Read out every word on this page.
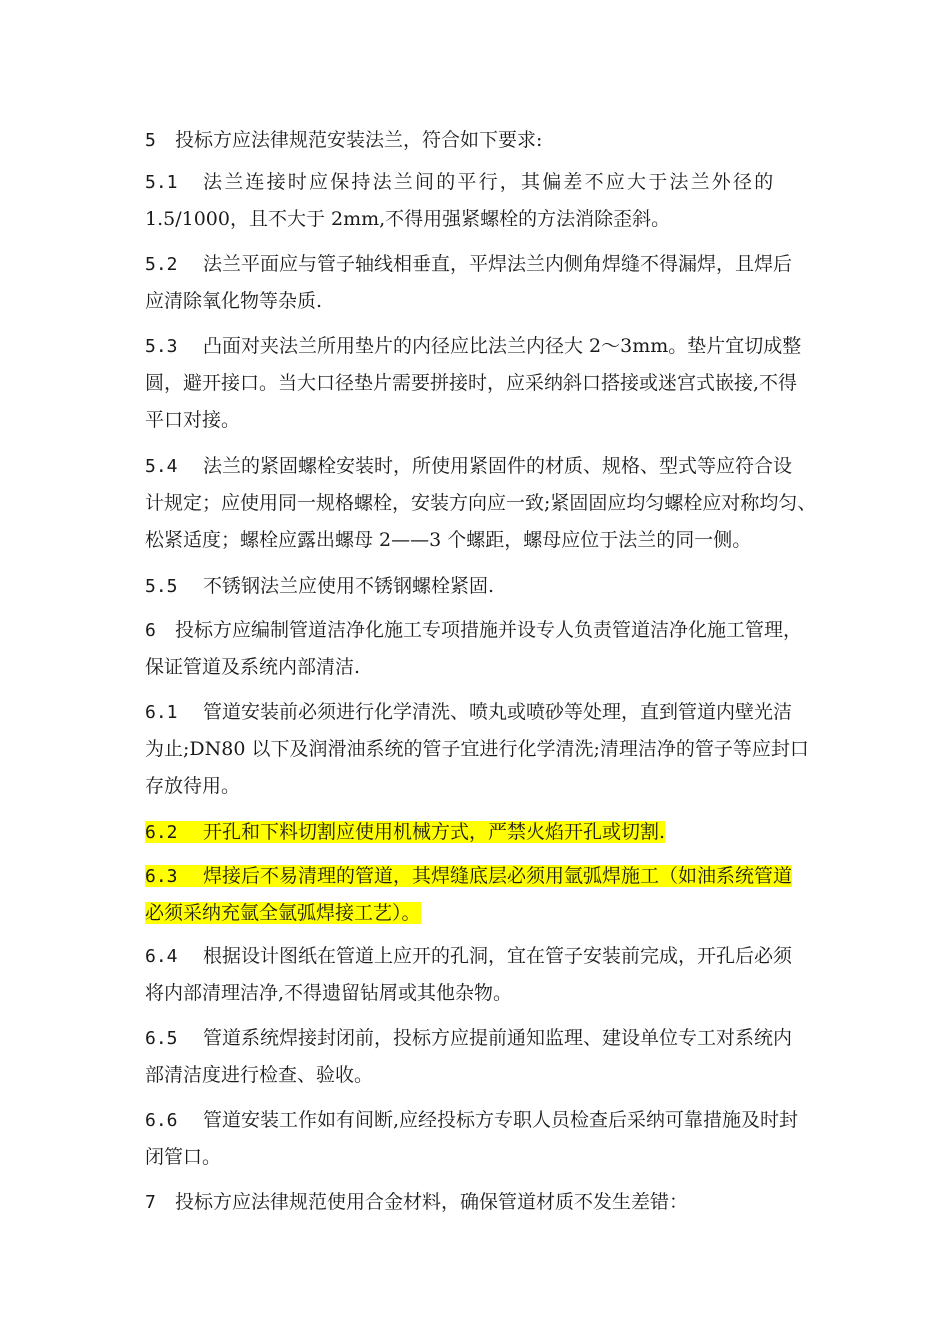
5 投标方应法律规范安装法兰，符合如下要求:

5.1 法兰连接时应保持法兰间的平行，其偏差不应大于法兰外径的
1.5/1000，且不大于 2mm,不得用强紧螺栓的方法消除歪斜。

5.2 法兰平面应与管子轴线相垂直，平焊法兰内侧角焊缝不得漏焊，且焊后
应清除氧化物等杂质.

5.3 凸面对夹法兰所用垫片的内径应比法兰内径大 2～3mm。垫片宜切成整
圆，避开接口。当大口径垫片需要拼接时，应采纳斜口搭接或迷宫式嵌接,不得
平口对接。

5.4 法兰的紧固螺栓安装时，所使用紧固件的材质、规格、型式等应符合设
计规定；应使用同一规格螺栓，安装方向应一致;紧固固应均匀螺栓应对称均匀、
松紧适度；螺栓应露出螺母 2——3 个螺距，螺母应位于法兰的同一侧。

5.5 不锈钢法兰应使用不锈钢螺栓紧固.

6 投标方应编制管道洁净化施工专项措施并设专人负责管道洁净化施工管理，
保证管道及系统内部清洁.

6.1 管道安装前必须进行化学清洗、喷丸或喷砂等处理，直到管道内壁光洁
为止;DN80 以下及润滑油系统的管子宜进行化学清洗;清理洁净的管子等应封口
存放待用。

6.2 开孔和下料切割应使用机械方式，严禁火焰开孔或切割.

6.3 焊接后不易清理的管道，其焊缝底层必须用氩弧焊施工（如油系统管道
必须采纳充氩全氩弧焊接工艺）。

6.4 根据设计图纸在管道上应开的孔洞，宜在管子安装前完成，开孔后必须
将内部清理洁净,不得遗留钻屑或其他杂物。

6.5 管道系统焊接封闭前，投标方应提前通知监理、建设单位专工对系统内
部清洁度进行检查、验收。

6.6 管道安装工作如有间断,应经投标方专职人员检查后采纳可靠措施及时封
闭管口。

7 投标方应法律规范使用合金材料，确保管道材质不发生差错：
